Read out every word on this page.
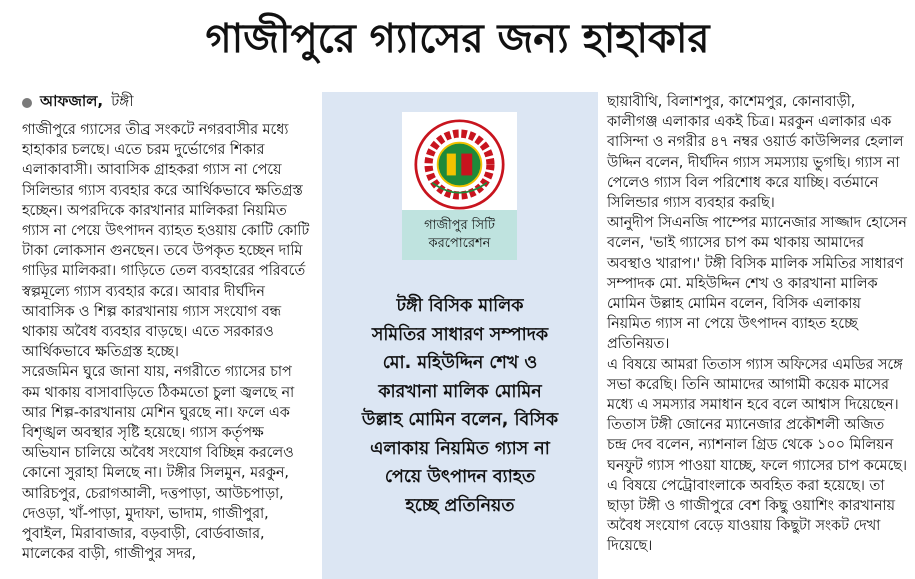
গাজীপুরে গ্যাসের জন্য হাহাকার
আফজাল, টঙ্গী

গাজীপুরে গ্যাসের তীব্র সংকটে নগরবাসীর মধ্যে হাহাকার চলছে। এতে চরম দুর্ভোগের শিকার এলাকাবাসী। আবাসিক গ্রাহকরা গ্যাস না পেয়ে সিলিন্ডার গ্যাস ব্যবহার করে আর্থিকভাবে ক্ষতিগ্রস্ত হচ্ছেন। অপরদিকে কারখানার মালিকরা নিয়মিত গ্যাস না পেয়ে উৎপাদন ব্যাহত হওয়ায় কোটি কোটি টাকা লোকসান গুনছেন। তবে উপকৃত হচ্ছেন দামি গাড়ির মালিকরা। গাড়িতে তেল ব্যবহারের পরিবর্তে স্বল্পমূল্যে গ্যাস ব্যবহার করে। আবার দীর্ঘদিন আবাসিক ও শিল্প কারখানায় গ্যাস সংযোগ বন্ধ থাকায় অবৈধ ব্যবহার বাড়ছে। এতে সরকারও আর্থিকভাবে ক্ষতিগ্রস্ত হচ্ছে।

সরেজমিন ঘুরে জানা যায়, নগরীতে গ্যাসের চাপ কম থাকায় বাসাবাড়িতে ঠিকমতো চুলা জ্বলছে না আর শিল্প-কারখানায় মেশিন ঘুরছে না। ফলে এক বিশৃঙ্খল অবস্থার সৃষ্টি হয়েছে। গ্যাস কর্তৃপক্ষ অভিযান চালিয়ে অবৈধ সংযোগ বিচ্ছিন্ন করলেও কোনো সুরাহা মিলছে না। টঙ্গীর সিলমুন, মরকুন, আরিচপুর, চেরাগআলী, দত্তপাড়া, আউচপাড়া, দেওড়া, খাঁ-পাড়া, মুদাফা, ভাদাম, গাজীপুরা, পুবাইল, মিরাবাজার, বড়বাড়ী, বোর্ডবাজার, মালেকের বাড়ী, গাজীপুর সদর,

গাজীপুর সিটি
করপোরেশন
টঙ্গী বিসিক মালিক
সমিতির সাধারণ সম্পাদক
মো. মহিউদ্দিন শেখ ও
কারখানা মালিক মোমিন
উল্লাহ মোমিন বলেন, বিসিক
এলাকায় নিয়মিত গ্যাস না
পেয়ে উৎপাদন ব্যাহত
হচ্ছে প্রতিনিয়ত

ছায়াবীথি, বিলাশপুর, কাশেমপুর, কোনাবাড়ী, কালীগঞ্জ এলাকার একই চিত্র। মরকুন এলাকার এক বাসিন্দা ও নগরীর ৪৭ নম্বর ওয়ার্ড কাউন্সিলর হেলাল উদ্দিন বলেন, দীর্ঘদিন গ্যাস সমস্যায় ভুগছি। গ্যাস না পেলেও গ্যাস বিল পরিশোধ করে যাচ্ছি। বর্তমানে সিলিন্ডার গ্যাস ব্যবহার করছি।

আনুদীপ সিএনজি পাম্পের ম্যানেজার সাজ্জাদ হোসেন বলেন, 'ভাই গ্যাসের চাপ কম থাকায় আমাদের অবস্থাও খারাপ।' টঙ্গী বিসিক মালিক সমিতির সাধারণ সম্পাদক মো. মহিউদ্দিন শেখ ও কারখানা মালিক মোমিন উল্লাহ মোমিন বলেন, বিসিক এলাকায় নিয়মিত গ্যাস না পেয়ে উৎপাদন ব্যাহত হচ্ছে প্রতিনিয়ত।

এ বিষয়ে আমরা তিতাস গ্যাস অফিসের এমডির সঙ্গে সভা করেছি। তিনি আমাদের আগামী কয়েক মাসের মধ্যে এ সমস্যার সমাধান হবে বলে আশ্বাস দিয়েছেন। তিতাস টঙ্গী জোনের ম্যানেজার প্রকৌশলী অজিত চন্দ্র দেব বলেন, ন্যাশনাল গ্রিড থেকে ১০০ মিলিয়ন ঘনফুট গ্যাস পাওয়া যাচ্ছে, ফলে গ্যাসের চাপ কমেছে। এ বিষয়ে পেট্রোবাংলাকে অবহিত করা হয়েছে। তা ছাড়া টঙ্গী ও গাজীপুরে বেশ কিছু ওয়াশিং কারখানায় অবৈধ সংযোগ বেড়ে যাওয়ায় কিছুটা সংকট দেখা দিয়েছে।
